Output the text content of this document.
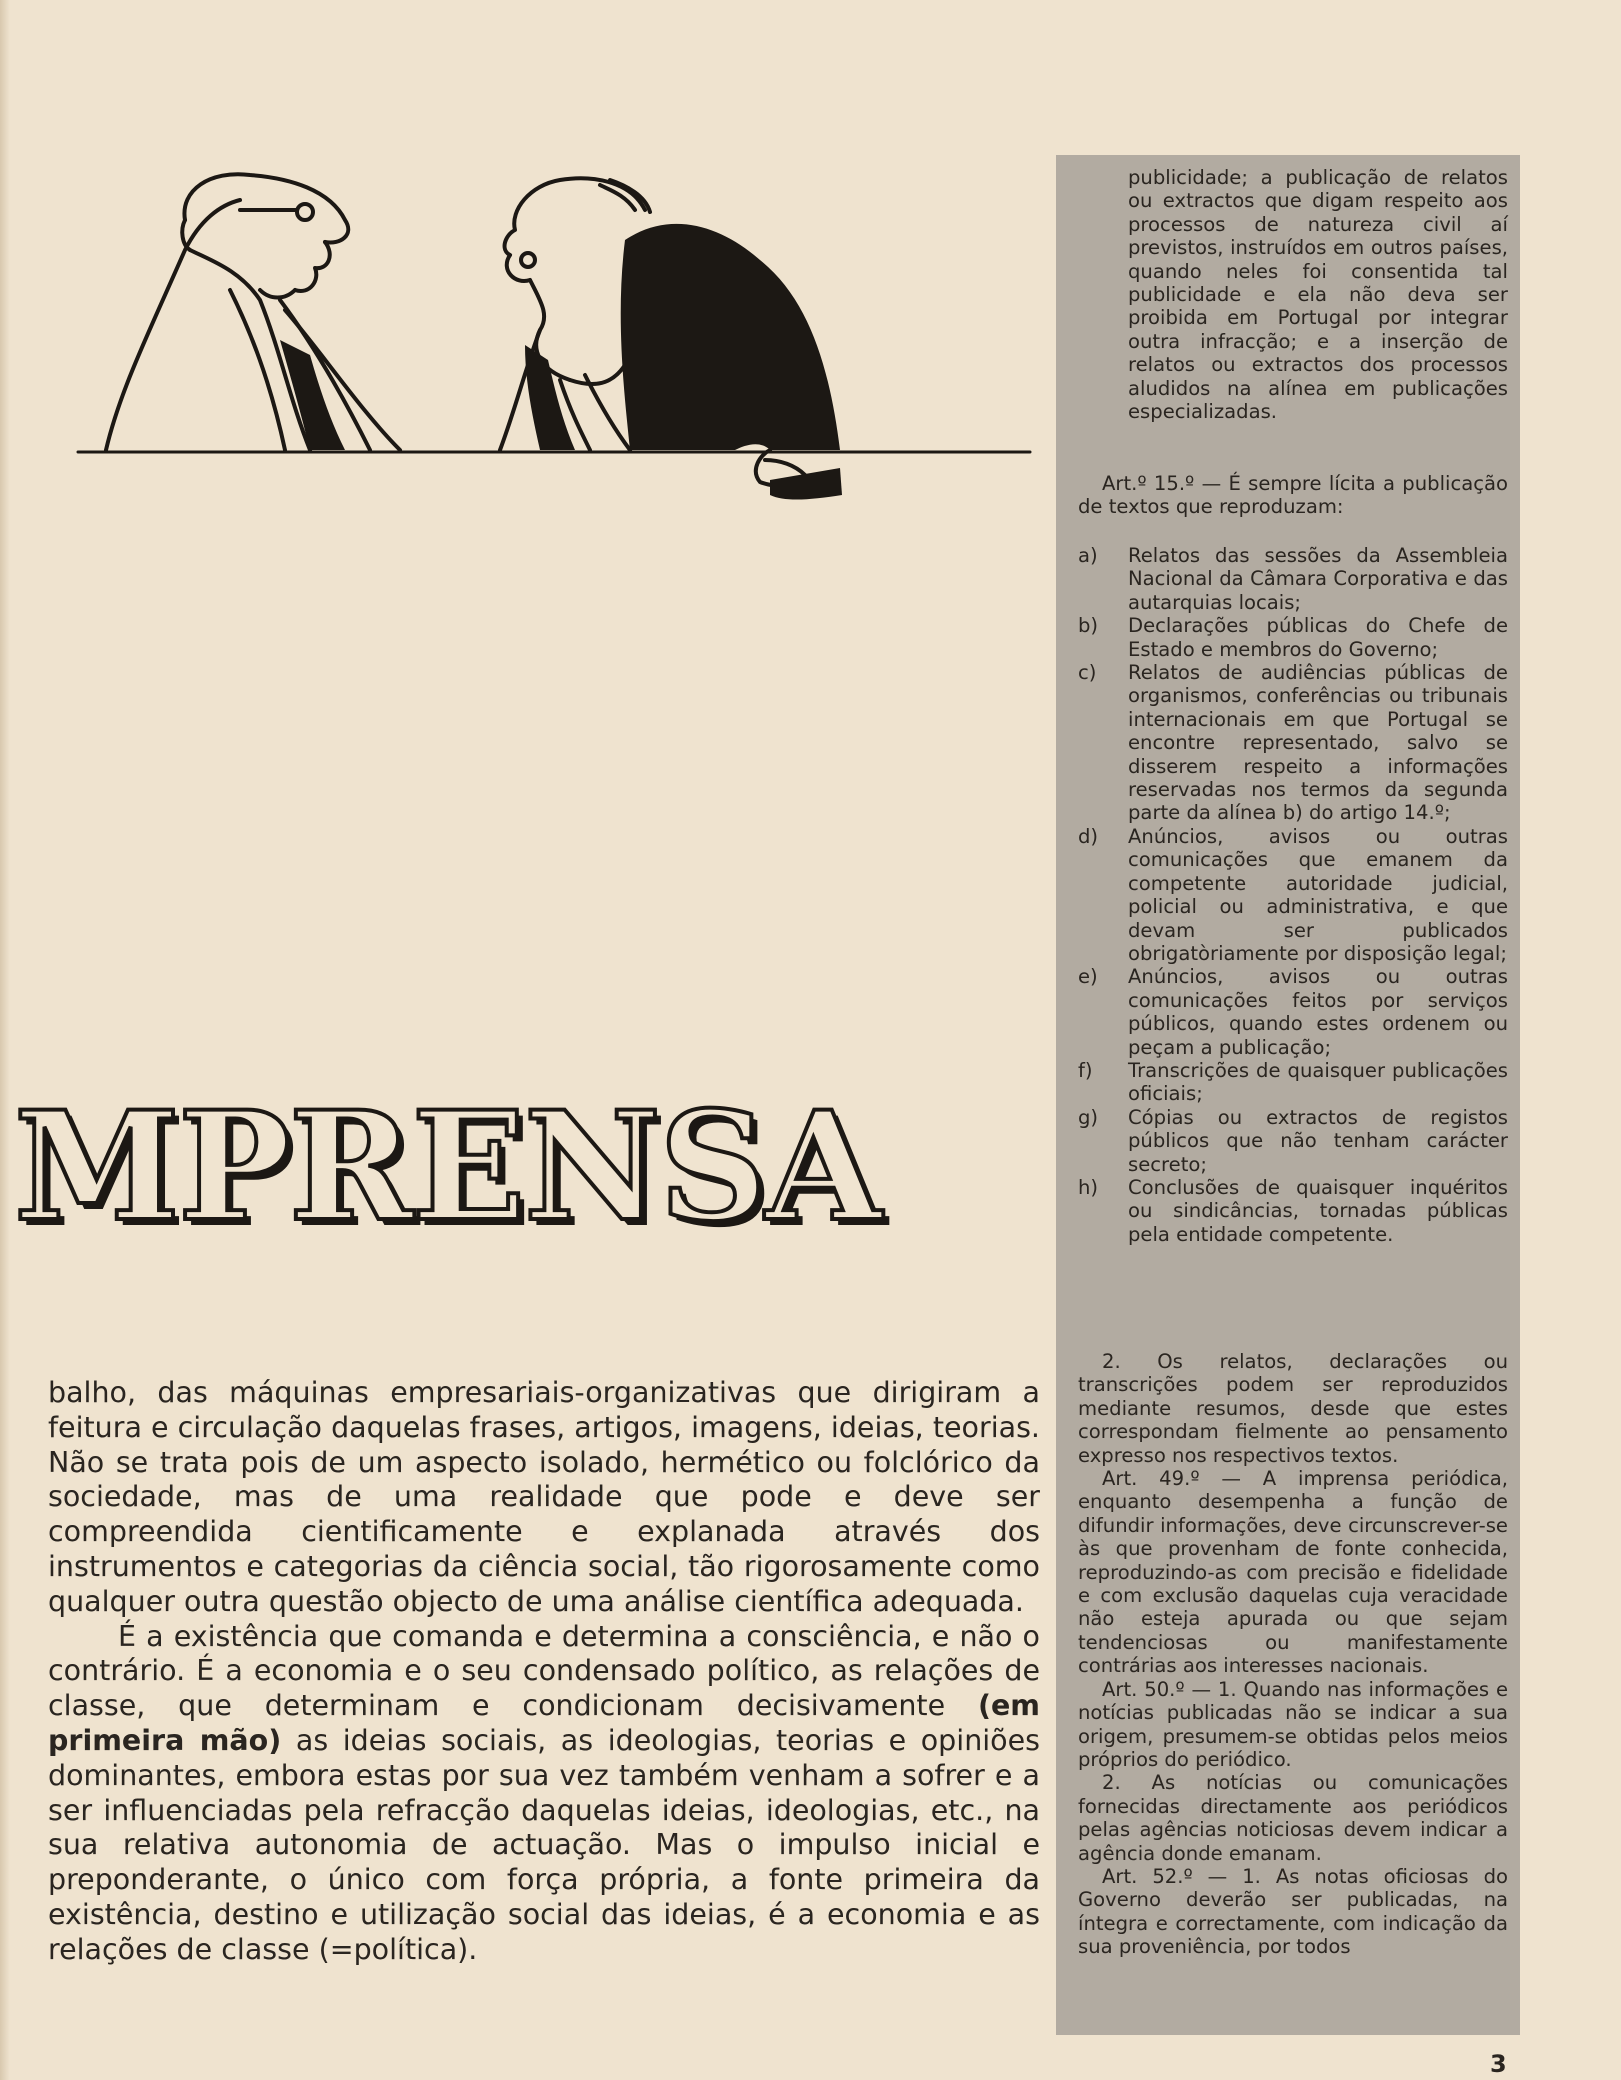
MPRENSA

balho, das máquinas empresariais-organizativas que dirigiram a feitura e circulação daquelas frases, artigos, imagens, ideias, teorias. Não se trata pois de um aspecto isolado, hermético ou folclórico da sociedade, mas de uma realidade que pode e deve ser compreendida cientificamente e explanada através dos instrumentos e categorias da ciência social, tão rigorosamente como qualquer outra questão objecto de uma análise científica adequada.

É a existência que comanda e determina a consciência, e não o contrário. É a economia e o seu condensado político, as relações de classe, que determinam e condicionam decisivamente (em primeira mão) as ideias sociais, as ideologias, teorias e opiniões dominantes, embora estas por sua vez também venham a sofrer e a ser influenciadas pela refracção daquelas ideias, ideologias, etc., na sua relativa autonomia de actuação. Mas o impulso inicial e preponderante, o único com força própria, a fonte primeira da existência, destino e utilização social das ideias, é a economia e as relações de classe (=política).

publicidade; a publicação de relatos ou extractos que digam respeito aos processos de natureza civil aí previstos, instruídos em outros países, quando neles foi consentida tal publicidade e ela não deva ser proibida em Portugal por integrar outra infracção; e a inserção de relatos ou extractos dos processos aludidos na alínea em publicações especializadas.

Art.º 15.º — É sempre lícita a publicação de textos que reproduzam:

a)	Relatos das sessões da Assembleia Nacional da Câmara Corporativa e das autarquias locais;
b)	Declarações públicas do Chefe de Estado e membros do Governo;
c)	Relatos de audiências públicas de organismos, conferências ou tribunais internacionais em que Portugal se encontre representado, salvo se disserem respeito a informações reservadas nos termos da segunda parte da alínea b) do artigo 14.º;
d)	Anúncios, avisos ou outras comunicações que emanem da competente autoridade judicial, policial ou administrativa, e que devam ser publicados obrigatòriamente por disposição legal;
e)	Anúncios, avisos ou outras comunicações feitos por serviços públicos, quando estes ordenem ou peçam a publicação;
f)	Transcrições de quaisquer publicações oficiais;
g)	Cópias ou extractos de registos públicos que não tenham carácter secreto;
h)	Conclusões de quaisquer inquéritos ou sindicâncias, tornadas públicas pela entidade competente.

2. Os relatos, declarações ou transcrições podem ser reproduzidos mediante resumos, desde que estes correspondam fielmente ao pensamento expresso nos respectivos textos.

Art. 49.º — A imprensa periódica, enquanto desempenha a função de difundir informações, deve circunscrever-se às que provenham de fonte conhecida, reproduzindo-as com precisão e fidelidade e com exclusão daquelas cuja veracidade não esteja apurada ou que sejam tendenciosas ou manifestamente contrárias aos interesses nacionais.

Art. 50.º — 1. Quando nas informações e notícias publicadas não se indicar a sua origem, presumem-se obtidas pelos meios próprios do periódico.

2. As notícias ou comunicações fornecidas directamente aos periódicos pelas agências noticiosas devem indicar a agência donde emanam.

Art. 52.º — 1. As notas oficiosas do Governo deverão ser publicadas, na íntegra e correctamente, com indicação da sua proveniência, por todos

3
